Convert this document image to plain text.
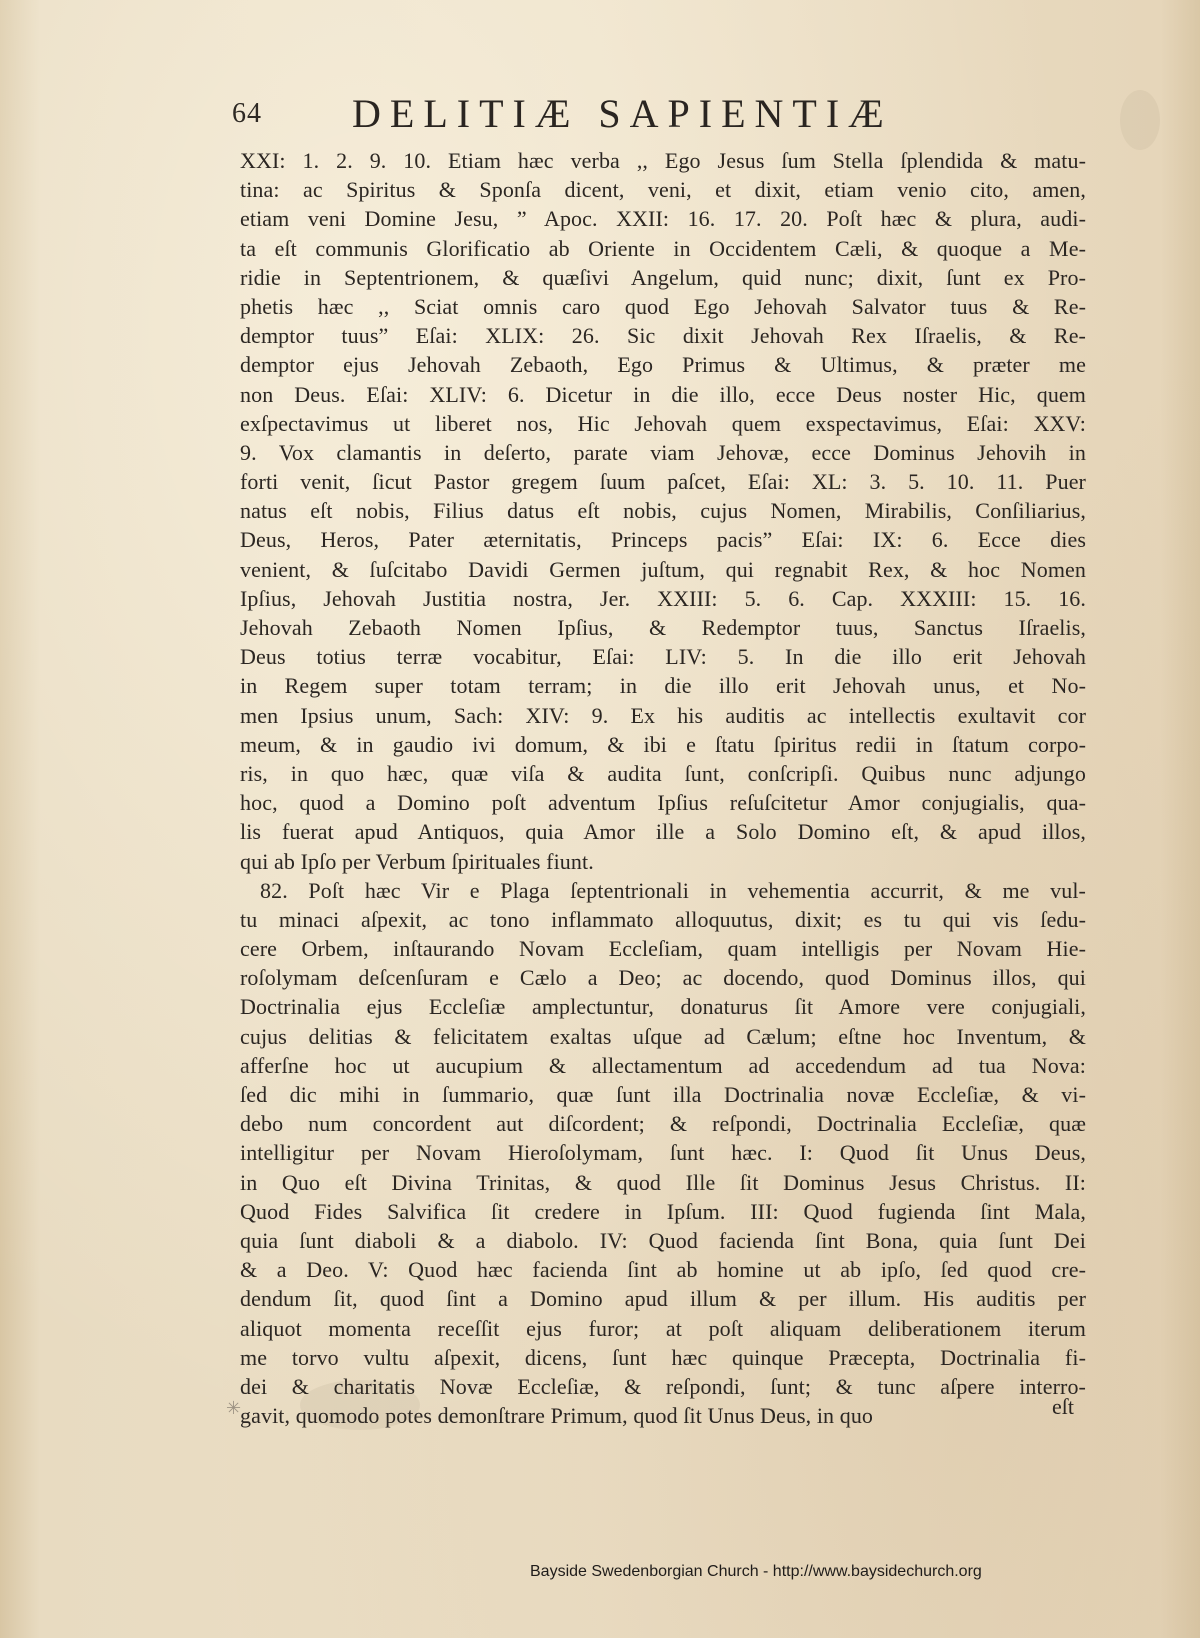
64 DELITIÆ SAPIENTIÆ
XXI: 1. 2. 9. 10. Etiam hæc verba ,, Ego Jesus ſum Stella ſplendida & matu-
tina: ac Spiritus & Sponſa dicent, veni, et dixit, etiam venio cito, amen,
etiam veni Domine Jesu, ” Apoc. XXII: 16. 17. 20. Poſt hæc & plura, audi-
ta eſt communis Glorificatio ab Oriente in Occidentem Cæli, & quoque a Me-
ridie in Septentrionem, & quæſivi Angelum, quid nunc; dixit, ſunt ex Pro-
phetis hæc ,, Sciat omnis caro quod Ego Jehovah Salvator tuus & Re-
demptor tuus” Eſai: XLIX: 26. Sic dixit Jehovah Rex Iſraelis, & Re-
demptor ejus Jehovah Zebaoth, Ego Primus & Ultimus, & præter me
non Deus. Eſai: XLIV: 6. Dicetur in die illo, ecce Deus noster Hic, quem
exſpectavimus ut liberet nos, Hic Jehovah quem exspectavimus, Eſai: XXV:
9. Vox clamantis in deſerto, parate viam Jehovæ, ecce Dominus Jehovih in
forti venit, ſicut Pastor gregem ſuum paſcet, Eſai: XL: 3. 5. 10. 11. Puer
natus eſt nobis, Filius datus eſt nobis, cujus Nomen, Mirabilis, Conſiliarius,
Deus, Heros, Pater æternitatis, Princeps pacis” Eſai: IX: 6. Ecce dies
venient, & ſuſcitabo Davidi Germen juſtum, qui regnabit Rex, & hoc Nomen
Ipſius, Jehovah Justitia nostra, Jer. XXIII: 5. 6. Cap. XXXIII: 15. 16.
Jehovah Zebaoth Nomen Ipſius, & Redemptor tuus, Sanctus Iſraelis,
Deus totius terræ vocabitur, Eſai: LIV: 5. In die illo erit Jehovah
in Regem super totam terram; in die illo erit Jehovah unus, et No-
men Ipsius unum, Sach: XIV: 9. Ex his auditis ac intellectis exultavit cor
meum, & in gaudio ivi domum, & ibi e ſtatu ſpiritus redii in ſtatum corpo-
ris, in quo hæc, quæ viſa & audita ſunt, conſcripſi. Quibus nunc adjungo
hoc, quod a Domino poſt adventum Ipſius reſuſcitetur Amor conjugialis, qua-
lis fuerat apud Antiquos, quia Amor ille a Solo Domino eſt, & apud illos,
qui ab Ipſo per Verbum ſpirituales fiunt.
82. Poſt hæc Vir e Plaga ſeptentrionali in vehementia accurrit, & me vul-
tu minaci aſpexit, ac tono inflammato alloquutus, dixit; es tu qui vis ſedu-
cere Orbem, inſtaurando Novam Eccleſiam, quam intelligis per Novam Hie-
roſolymam deſcenſuram e Cælo a Deo; ac docendo, quod Dominus illos, qui
Doctrinalia ejus Eccleſiæ amplectuntur, donaturus ſit Amore vere conjugiali,
cujus delitias & felicitatem exaltas uſque ad Cælum; eſtne hoc Inventum, &
afferſne hoc ut aucupium & allectamentum ad accedendum ad tua Nova:
ſed dic mihi in ſummario, quæ ſunt illa Doctrinalia novæ Eccleſiæ, & vi-
debo num concordent aut diſcordent; & reſpondi, Doctrinalia Eccleſiæ, quæ
intelligitur per Novam Hieroſolymam, ſunt hæc. I: Quod ſit Unus Deus,
in Quo eſt Divina Trinitas, & quod Ille ſit Dominus Jesus Christus. II:
Quod Fides Salvifica ſit credere in Ipſum. III: Quod fugienda ſint Mala,
quia ſunt diaboli & a diabolo. IV: Quod facienda ſint Bona, quia ſunt Dei
& a Deo. V: Quod hæc facienda ſint ab homine ut ab ipſo, ſed quod cre-
dendum ſit, quod ſint a Domino apud illum & per illum. His auditis per
aliquot momenta receſſit ejus furor; at poſt aliquam deliberationem iterum
me torvo vultu aſpexit, dicens, ſunt hæc quinque Præcepta, Doctrinalia fi-
dei & charitatis Novæ Eccleſiæ, & reſpondi, ſunt; & tunc aſpere interro-
gavit, quomodo potes demonſtrare Primum, quod ſit Unus Deus, in quo
✳	eſt
Bayside Swedenborgian Church - http://www.baysidechurch.org
